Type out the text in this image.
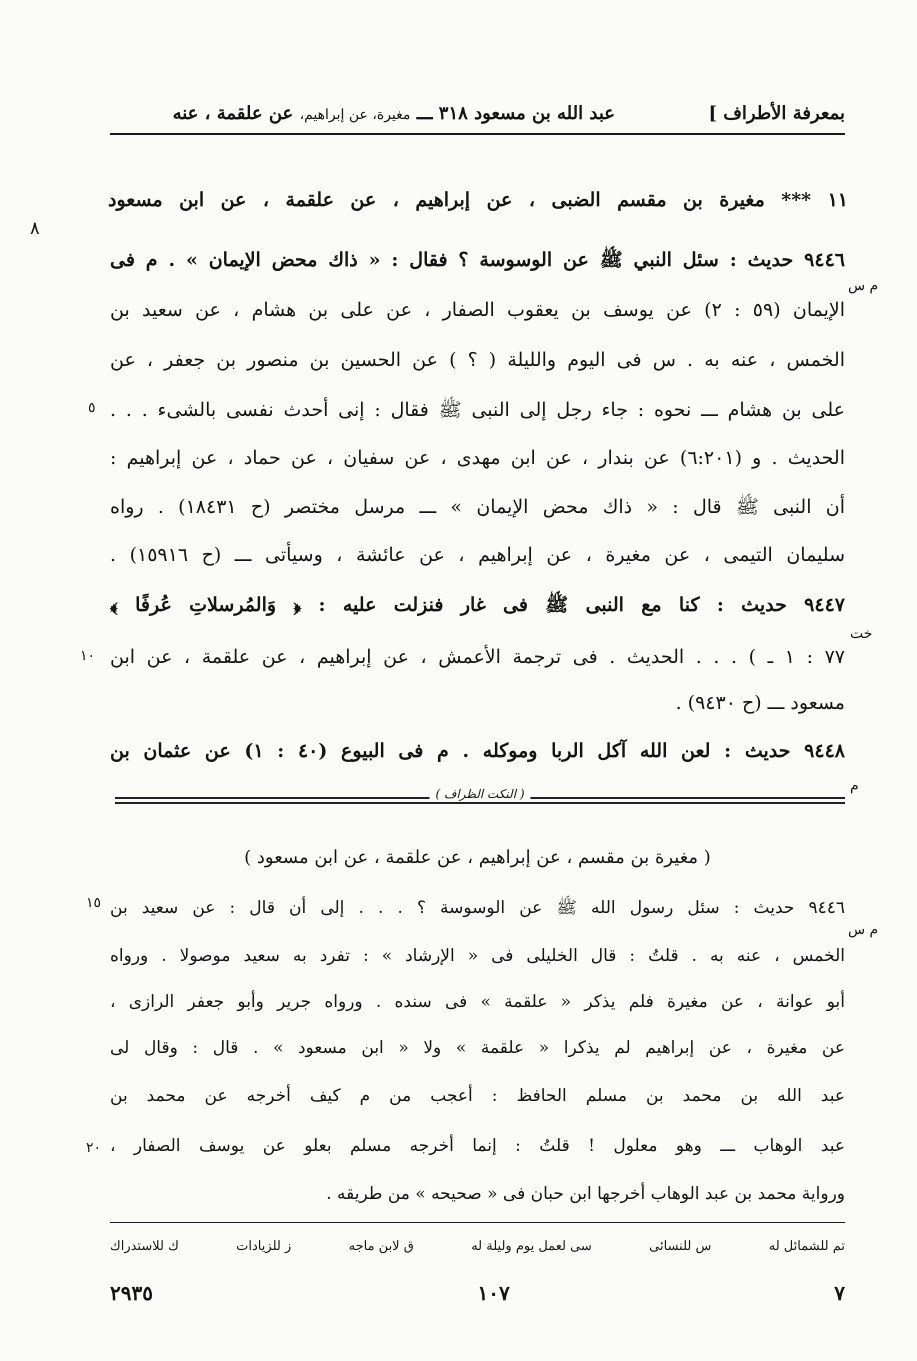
بمعرفة الأطراف ]
عبد الله بن مسعود ٣١٨ ـــ مغيرة، عن إبراهيم، عن علقمة ، عنه
٨
١١ *** مغيرة بن مقسم الضبى ، عن إبراهيم ، عن علقمة ، عن ابن مسعود
٩٤٤٦ حديث : سئل النبي ﷺ عن الوسوسة ؟ فقال : « ذاك محض الإيمان » . م فى
الإيمان (٥٩ : ٢) عن يوسف بن يعقوب الصفار ، عن على بن هشام ، عن سعيد بن
الخمس ، عنه به . س فى اليوم والليلة ( ؟ ) عن الحسين بن منصور بن جعفر ، عن
على بن هشام ـــ نحوه : جاء رجل إلى النبى ﷺ فقال : إنى أحدث نفسى بالشىء . . .
الحديث . و (٦:٢٠١) عن بندار ، عن ابن مهدى ، عن سفيان ، عن حماد ، عن إبراهيم :
أن النبى ﷺ قال : « ذاك محض الإيمان » ـــ مرسل مختصر (ح ١٨٤٣١) . رواه
سليمان التيمى ، عن مغيرة ، عن إبراهيم ، عن عائشة ، وسيأتى ـــ (ح ١٥٩١٦) .
٩٤٤٧ حديث : كنا مع النبى ﷺ فى غار فنزلت عليه : ﴿ وَالمُرسلاتِ عُرفًا ﴾
٧٧ : ١ ـ ) . . . الحديث . فى ترجمة الأعمش ، عن إبراهيم ، عن علقمة ، عن ابن
مسعود ـــ (ح ٩٤٣٠) .
٩٤٤٨ حديث : لعن الله آكل الربا وموكله . م فى البيوع (٤٠ : ١) عن عثمان بن
م س
٥
خت
١٠
م
( النكت الظراف )
( مغيرة بن مقسم ، عن إبراهيم ، عن علقمة ، عن ابن مسعود )
٩٤٤٦ حديث : سئل رسول الله ﷺ عن الوسوسة ؟ . . . إلى أن قال : عن سعيد بن
الخمس ، عنه به . قلتُ : قال الخليلى فى « الإرشاد » : تفرد به سعيد موصولا . ورواه
أبو عوانة ، عن مغيرة فلم يذكر « علقمة » فى سنده . ورواه جرير وأبو جعفر الرازى ،
عن مغيرة ، عن إبراهيم لم يذكرا « علقمة » ولا « ابن مسعود » . قال : وقال لى
عبد الله بن محمد بن مسلم الحافظ : أعجب من م كيف أخرجه عن محمد بن
عبد الوهاب ـــ وهو معلول ! قلتُ : إنما أخرجه مسلم بعلو عن يوسف الصفار ،
ورواية محمد بن عبد الوهاب أخرجها ابن حبان فى « صحيحه » من طريقه .
م س
١٥
٢٠
تم للشمائل له
س للنسائى
سى لعمل يوم وليلة له
ق لابن ماجه
ز للزيادات
ك للاستدراك
٧
١٠٧
٢٩٣٥
